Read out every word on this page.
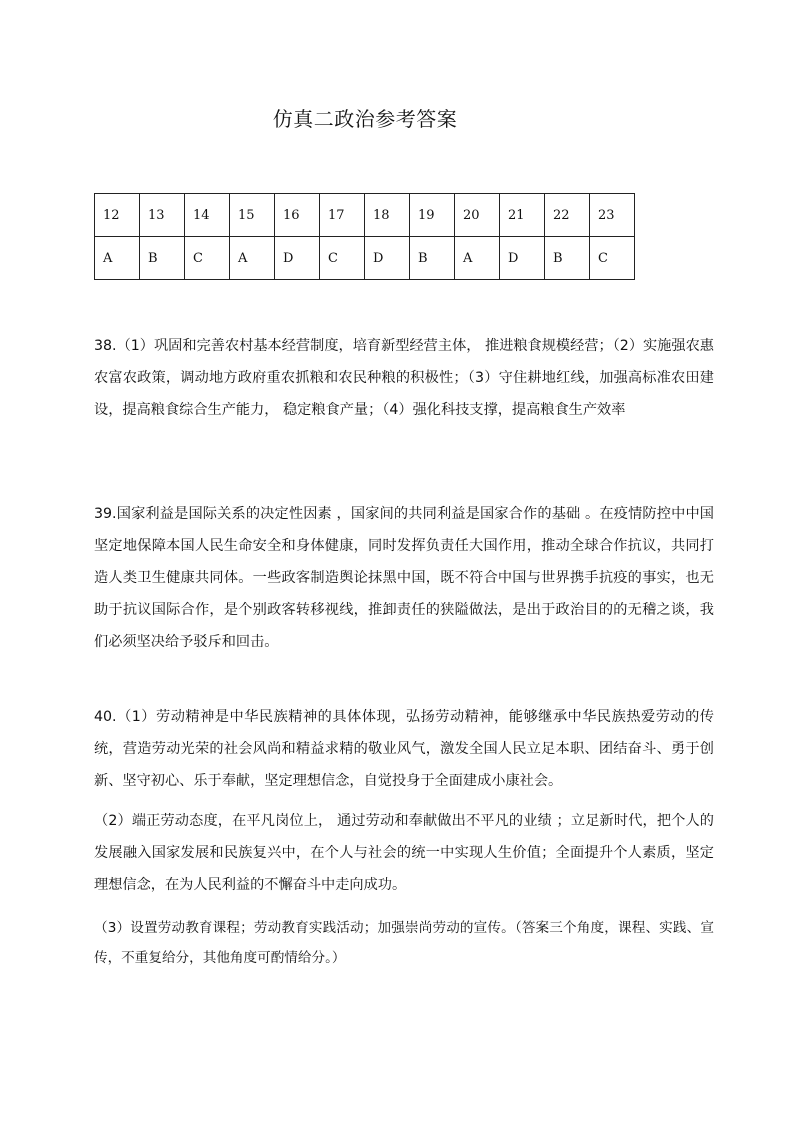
仿真二政治参考答案
12	13	14	15	16	17	18	19	20	21	22	23
A	B	C	A	D	C	D	B	A	D	B	C

38.（1）巩固和完善农村基本经营制度，培育新型经营主体， 推进粮食规模经营；（2）实施强农惠农富农政策，调动地方政府重农抓粮和农民种粮的积极性；（3）守住耕地红线，加强高标准农田建设，提高粮食综合生产能力， 稳定粮食产量；（4）强化科技支撑，提高粮食生产效率

39.国家利益是国际关系的决定性因素 ，国家间的共同利益是国家合作的基础 。在疫情防控中中国坚定地保障本国人民生命安全和身体健康，同时发挥负责任大国作用，推动全球合作抗议，共同打造人类卫生健康共同体。一些政客制造舆论抹黑中国，既不符合中国与世界携手抗疫的事实，也无助于抗议国际合作，是个别政客转移视线，推卸责任的狭隘做法，是出于政治目的的无稽之谈，我们必须坚决给予驳斥和回击。

40.（1）劳动精神是中华民族精神的具体体现，弘扬劳动精神，能够继承中华民族热爱劳动的传统，营造劳动光荣的社会风尚和精益求精的敬业风气，激发全国人民立足本职、团结奋斗、勇于创新、坚守初心、乐于奉献，坚定理想信念，自觉投身于全面建成小康社会。

（2）端正劳动态度，在平凡岗位上， 通过劳动和奉献做出不平凡的业绩 ；立足新时代，把个人的发展融入国家发展和民族复兴中，在个人与社会的统一中实现人生价值；全面提升个人素质，坚定理想信念，在为人民利益的不懈奋斗中走向成功。

（3）设置劳动教育课程；劳动教育实践活动；加强崇尚劳动的宣传。（答案三个角度，课程、实践、宣传，不重复给分，其他角度可酌情给分。）
